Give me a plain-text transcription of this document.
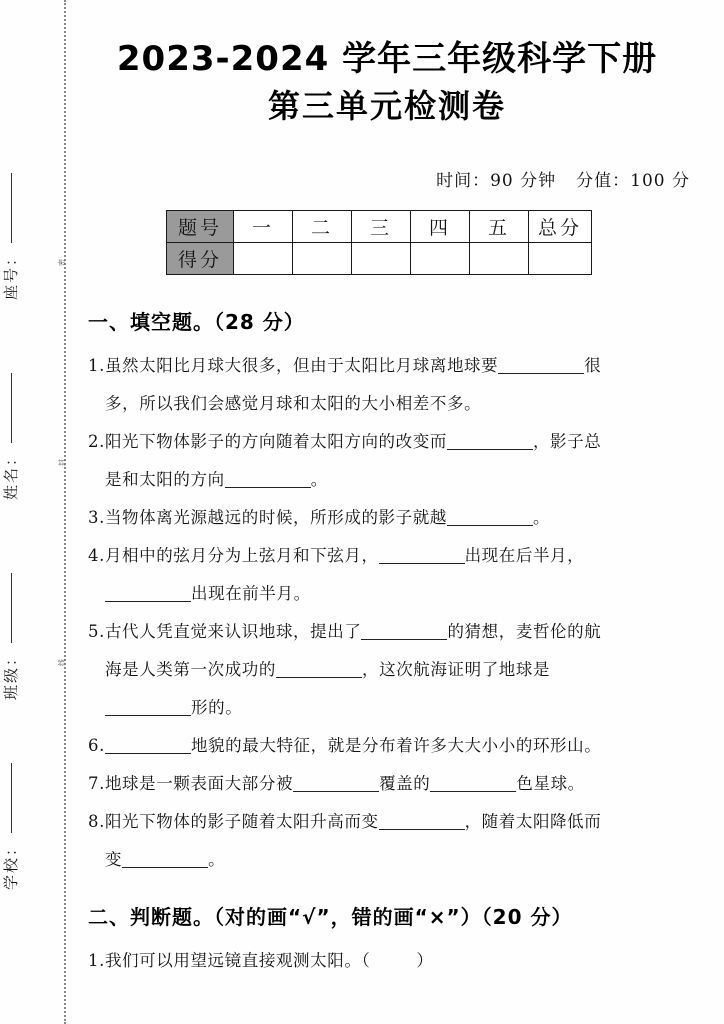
座号：	密
姓名：	封
班级：	线
学校：
2023-2024 学年三年级科学下册
第三单元检测卷
时间：90 分钟 分值：100 分
题号	一	二	三	四	五	总分
得分						
一、填空题。（28 分）
1.虽然太阳比月球大很多，但由于太阳比月球离地球要	很
多，所以我们会感觉月球和太阳的大小相差不多。
2.阳光下物体影子的方向随着太阳方向的改变而	，影子总
是和太阳的方向	。
3.当物体离光源越远的时候，所形成的影子就越	。
4.月相中的弦月分为上弦月和下弦月，	出现在后半月，
出现在前半月。
5.古代人凭直觉来认识地球，提出了	的猜想，麦哲伦的航
海是人类第一次成功的	，这次航海证明了地球是
形的。
6.	地貌的最大特征，就是分布着许多大大小小的环形山。
7.地球是一颗表面大部分被	覆盖的	色星球。
8.阳光下物体的影子随着太阳升高而变	，随着太阳降低而
变	。
二、判断题。（对的画“√”，错的画“×”）（20 分）
1.我们可以用望远镜直接观测太阳。（	）
